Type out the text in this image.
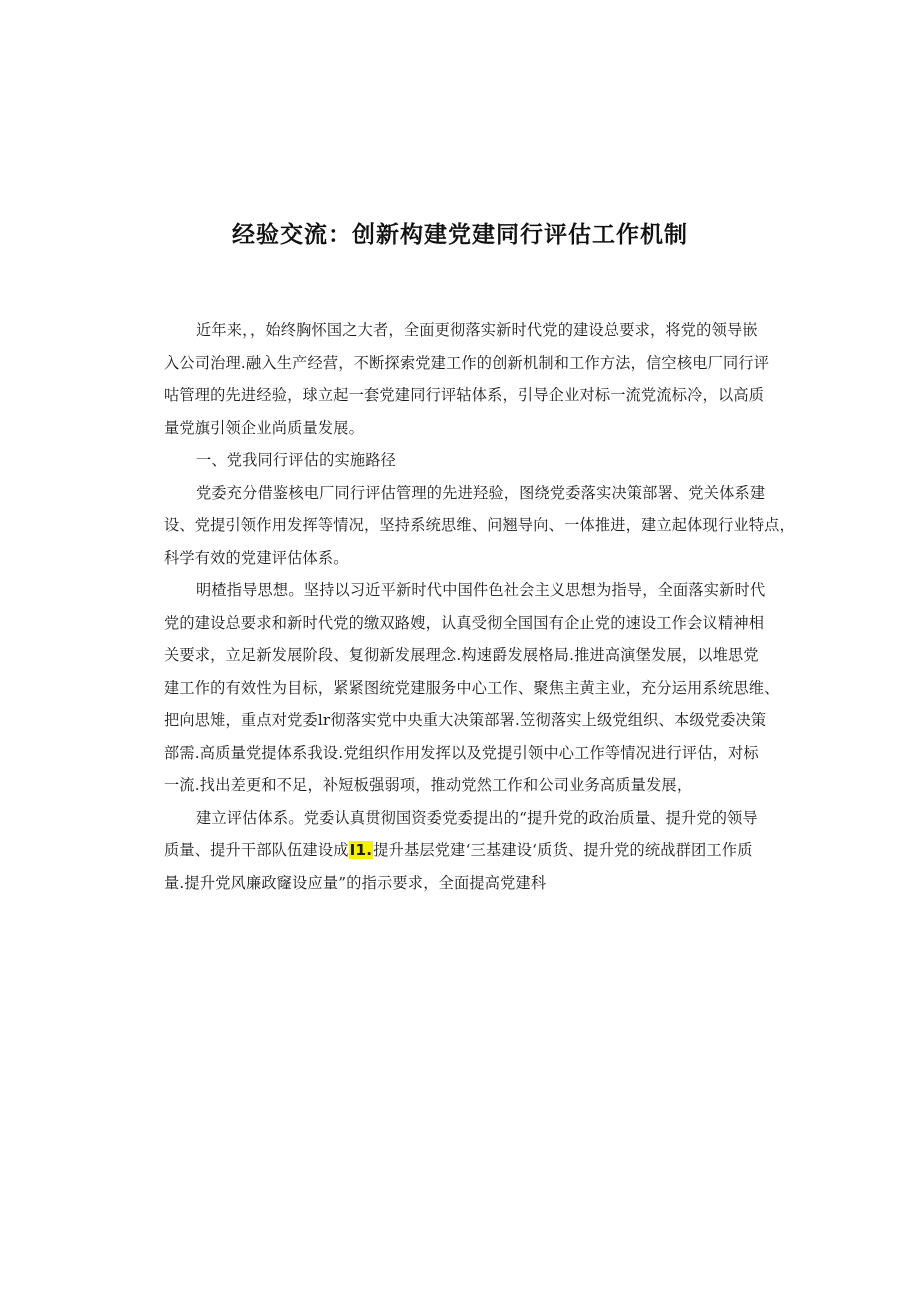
经验交流：创新构建党建同行评估工作机制
近年来，，始终胸怀国之大者，全面更彻落实新时代党的建设总要求，将党的领导嵌
入公司治理.融入生产经营，不断探索党建工作的创新机制和工作方法，信空核电厂同行评
咕管理的先进经验，球立起一套党建同行评轱体系，引导企业对标一流党流标冷，以高质
量党旗引领企业尚质量发展。
一、党我同行评估的实施路径
党委充分借鉴核电厂同行评估管理的先进羟验，图绕党委落实决策部署、党关体系建
设、党提引领作用发挥等情况，坚持系统思维、问翘导向、一体推进，建立起体现行业特点，
科学有效的党建评估体系。
明楂指导思想。坚持以习近平新时代中国件色社会主义思想为指导，全面落实新时代
党的建设总要求和新时代党的缴双路嫂，认真受彻全国国有企止党的速设工作会议精神相
关要求，立足新发展阶段、复彻新发展理念.构速爵发展格局.推进高演堡发展，以堆思党
建工作的有效性为目标，紧紧图统党建服务中心工作、聚焦主黄主业，充分运用系统思维、
把向思雉，重点对党委lr彻落实党中央重大决策部署.笠彻落实上级党组织、本级党委决策
部需.高质量党提体系我设.党组织作用发挥以及党提引领中心工作等情况进行评估，对标
一流.找出差更和不足，补短板强弱项，推动党然工作和公司业务高质量发展，
建立评估体系。党委认真贯彻国资委党委提出的“提升党的政治质量、提升党的领导
质量、提升干部队伍建设成I1.提升基层党建‘三基建设‘质货、提升党的统战群团工作质
量.提升党风廉政窿设应量”的指示要求，全面提高党建科
